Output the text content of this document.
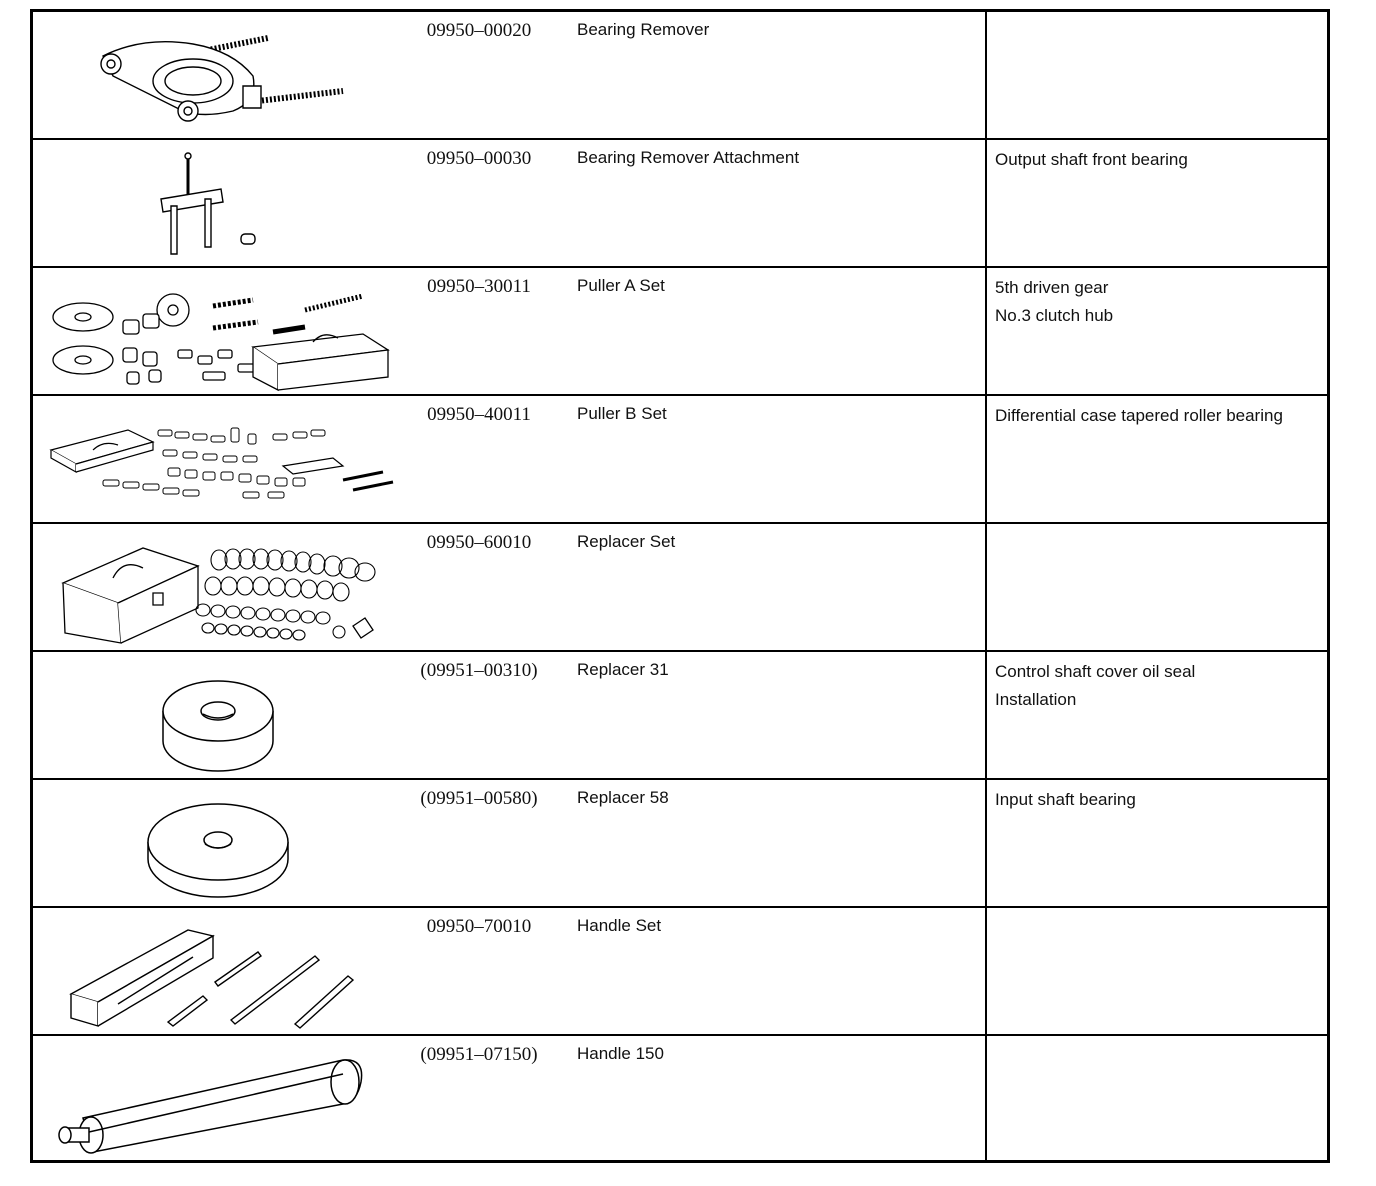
09950–00020	Bearing Remover
09950–00030	Bearing Remover Attachment	Output shaft front bearing
09950–30011	Puller A Set	5th driven gear
No.3 clutch hub
09950–40011	Puller B Set	Differential case tapered roller bearing
09950–60010	Replacer Set
(09951–00310)	Replacer 31	Control shaft cover oil seal
Installation
(09951–00580)	Replacer 58	Input shaft bearing
09950–70010	Handle Set
(09951–07150)	Handle 150
